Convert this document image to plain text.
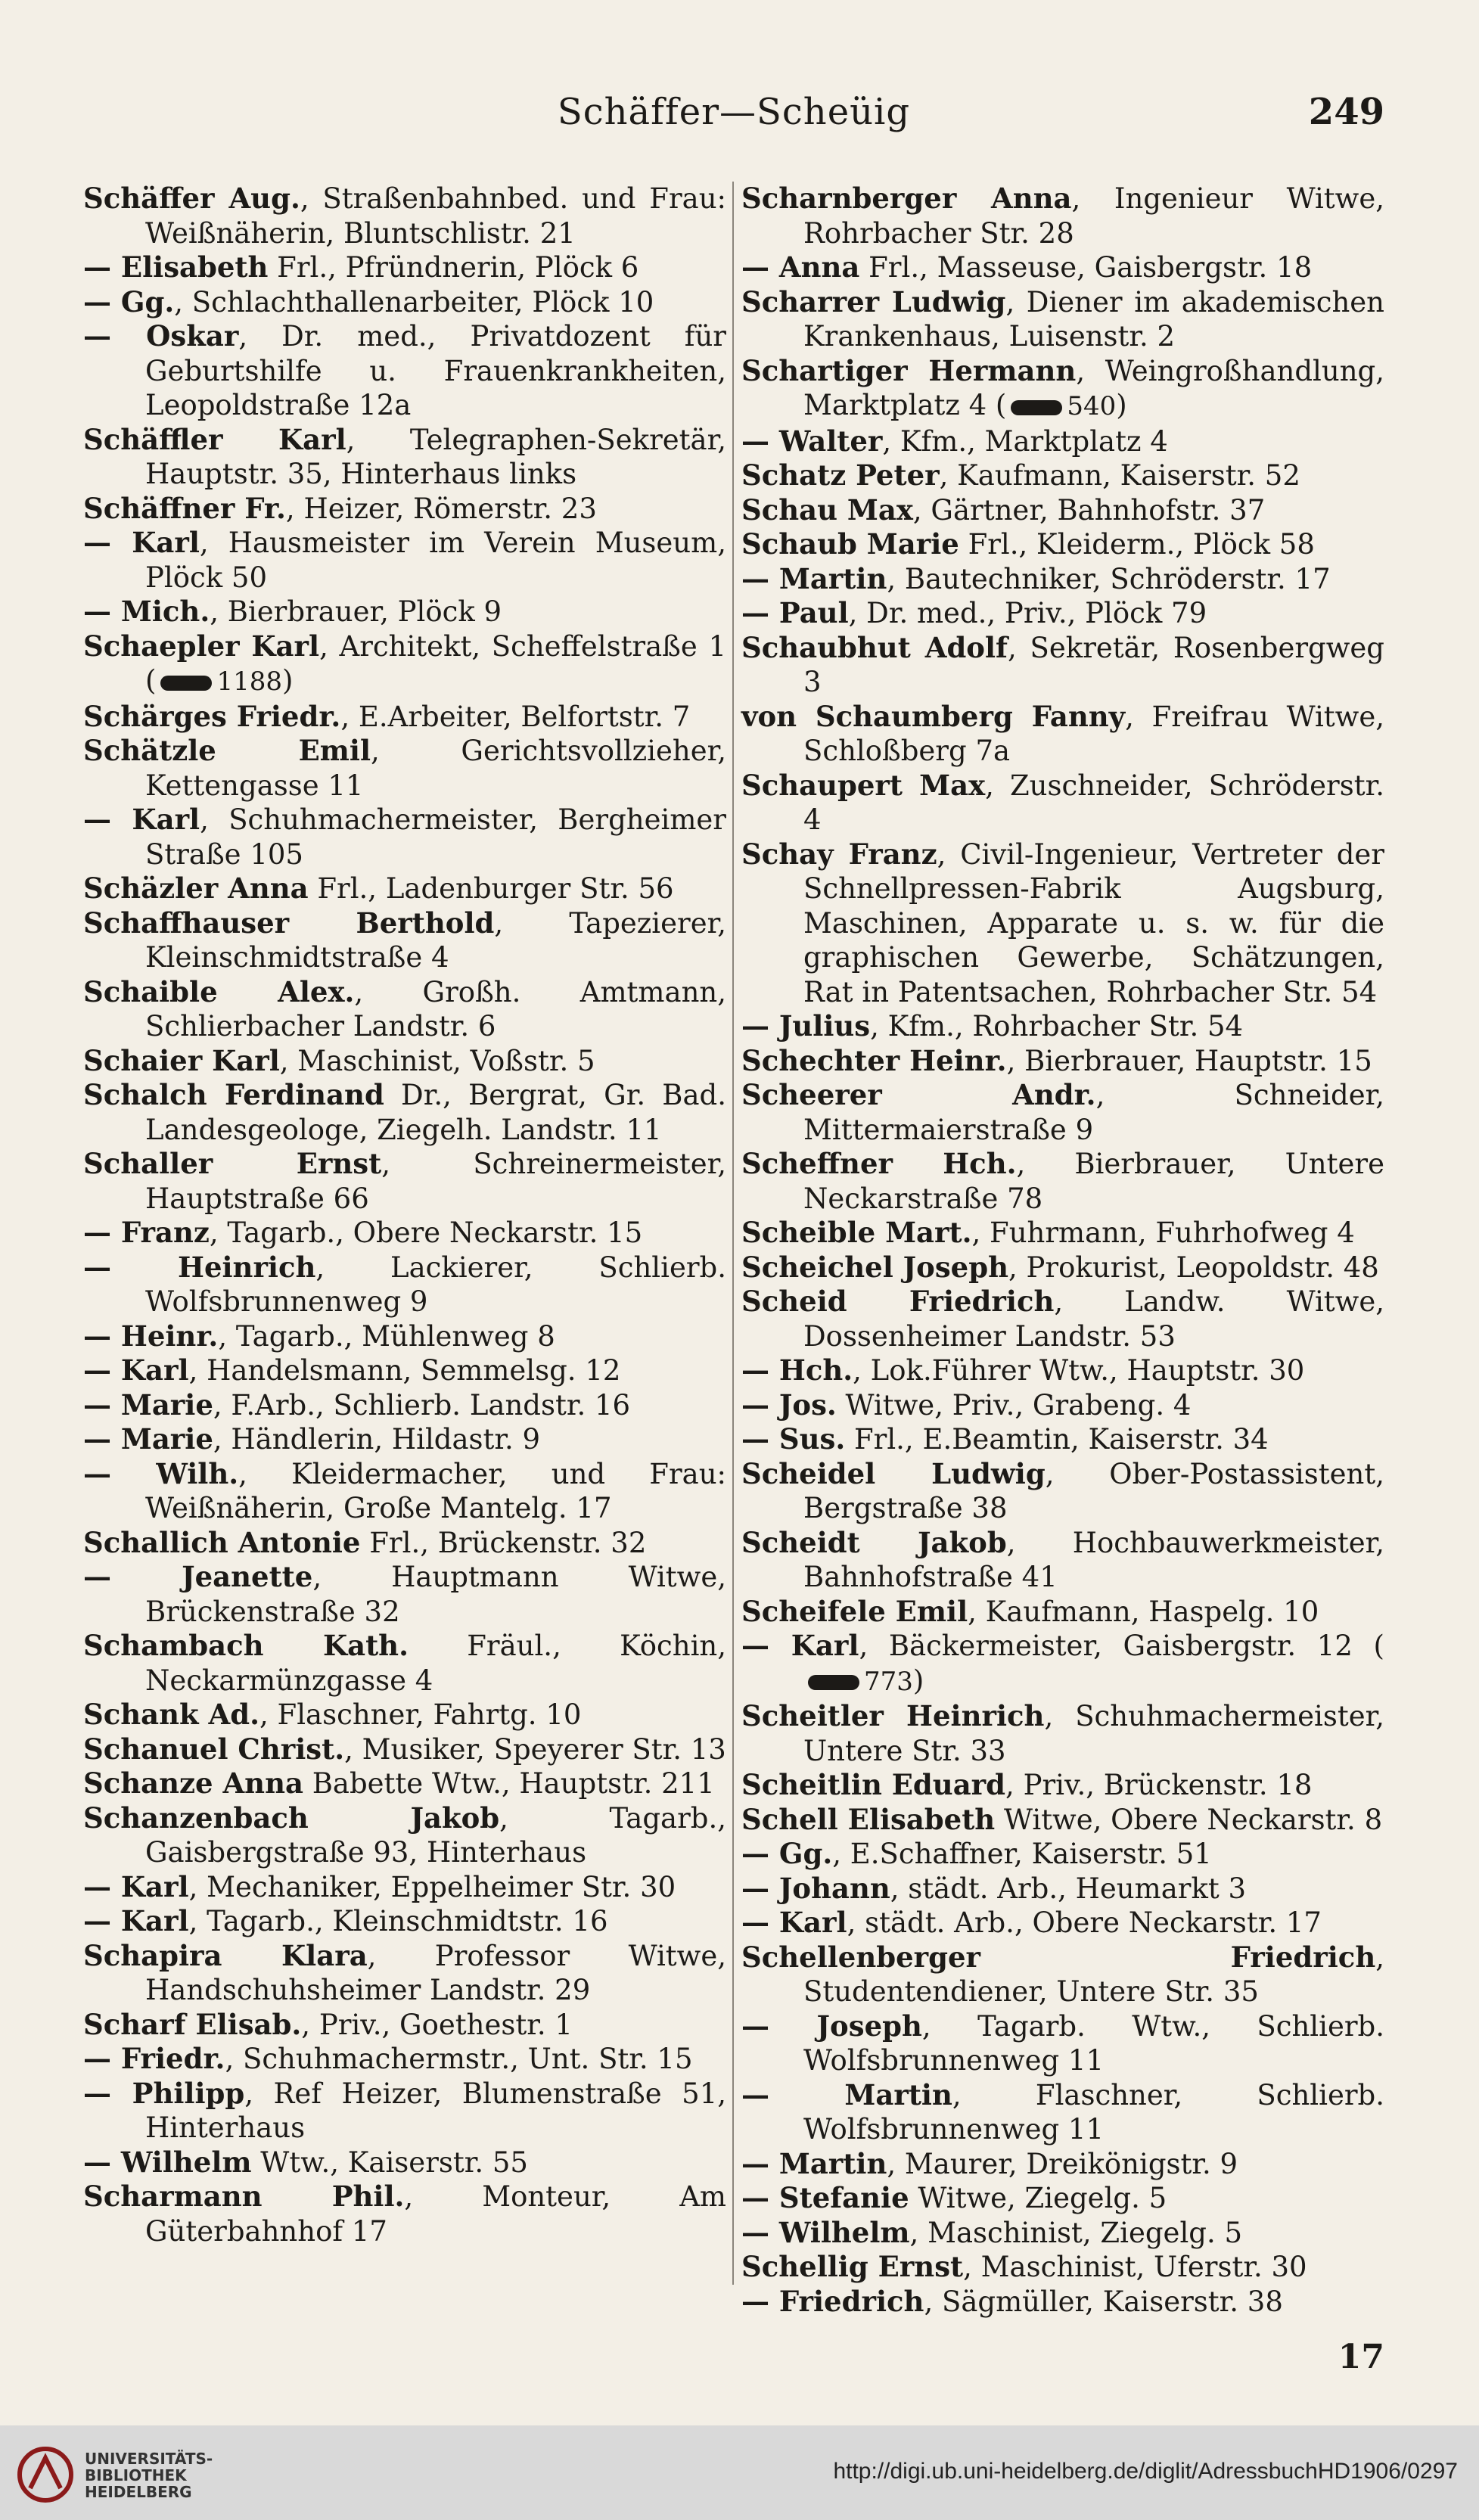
Schäffer—Scheüig	249
Schäffer Aug., Straßenbahnbed. und Frau: Weißnäherin, Bluntschlistr. 21
— Elisabeth Frl., Pfründnerin, Plöck 6
— Gg., Schlachthallenarbeiter, Plöck 10
— Oskar, Dr. med., Privatdozent für Geburtshilfe u. Frauenkrankheiten, Leopoldstraße 12a
Schäffler Karl, Telegraphen-Sekretär, Hauptstr. 35, Hinterhaus links
Schäffner Fr., Heizer, Römerstr. 23
— Karl, Hausmeister im Verein Museum, Plöck 50
— Mich., Bierbrauer, Plöck 9
Schaepler Karl, Architekt, Scheffelstraße 1 ( 1188)
Schärges Friedr., E.Arbeiter, Belfortstr. 7
Schätzle Emil, Gerichtsvollzieher, Kettengasse 11
— Karl, Schuhmachermeister, Bergheimer Straße 105
Schäzler Anna Frl., Ladenburger Str. 56
Schaffhauser Berthold, Tapezierer, Kleinschmidtstraße 4
Schaible Alex., Großh. Amtmann, Schlierbacher Landstr. 6
Schaier Karl, Maschinist, Voßstr. 5
Schalch Ferdinand Dr., Bergrat, Gr. Bad. Landesgeologe, Ziegelh. Landstr. 11
Schaller Ernst, Schreinermeister, Hauptstraße 66
— Franz, Tagarb., Obere Neckarstr. 15
— Heinrich, Lackierer, Schlierb. Wolfsbrunnenweg 9
— Heinr., Tagarb., Mühlenweg 8
— Karl, Handelsmann, Semmelsg. 12
— Marie, F.Arb., Schlierb. Landstr. 16
— Marie, Händlerin, Hildastr. 9
— Wilh., Kleidermacher, und Frau: Weißnäherin, Große Mantelg. 17
Schallich Antonie Frl., Brückenstr. 32
— Jeanette, Hauptmann Witwe, Brückenstraße 32
Schambach Kath. Fräul., Köchin, Neckarmünzgasse 4
Schank Ad., Flaschner, Fahrtg. 10
Schanuel Christ., Musiker, Speyerer Str. 13
Schanze Anna Babette Wtw., Hauptstr. 211
Schanzenbach Jakob, Tagarb., Gaisbergstraße 93, Hinterhaus
— Karl, Mechaniker, Eppelheimer Str. 30
— Karl, Tagarb., Kleinschmidtstr. 16
Schapira Klara, Professor Witwe, Handschuhsheimer Landstr. 29
Scharf Elisab., Priv., Goethestr. 1
— Friedr., Schuhmachermstr., Unt. Str. 15
— Philipp, Ref Heizer, Blumenstraße 51, Hinterhaus
— Wilhelm Wtw., Kaiserstr. 55
Scharmann Phil., Monteur, Am Güterbahnhof 17
Scharnberger Anna, Ingenieur Witwe, Rohrbacher Str. 28
— Anna Frl., Masseuse, Gaisbergstr. 18
Scharrer Ludwig, Diener im akademischen Krankenhaus, Luisenstr. 2
Schartiger Hermann, Weingroßhandlung, Marktplatz 4 ( 540)
— Walter, Kfm., Marktplatz 4
Schatz Peter, Kaufmann, Kaiserstr. 52
Schau Max, Gärtner, Bahnhofstr. 37
Schaub Marie Frl., Kleiderm., Plöck 58
— Martin, Bautechniker, Schröderstr. 17
— Paul, Dr. med., Priv., Plöck 79
Schaubhut Adolf, Sekretär, Rosenbergweg 3
von Schaumberg Fanny, Freifrau Witwe, Schloßberg 7a
Schaupert Max, Zuschneider, Schröderstr. 4
Schay Franz, Civil-Ingenieur, Vertreter der Schnellpressen-Fabrik Augsburg, Maschinen, Apparate u. s. w. für die graphischen Gewerbe, Schätzungen, Rat in Patentsachen, Rohrbacher Str. 54
— Julius, Kfm., Rohrbacher Str. 54
Schechter Heinr., Bierbrauer, Hauptstr. 15
Scheerer Andr., Schneider, Mittermaierstraße 9
Scheffner Hch., Bierbrauer, Untere Neckarstraße 78
Scheible Mart., Fuhrmann, Fuhrhofweg 4
Scheichel Joseph, Prokurist, Leopoldstr. 48
Scheid Friedrich, Landw. Witwe, Dossenheimer Landstr. 53
— Hch., Lok.Führer Wtw., Hauptstr. 30
— Jos. Witwe, Priv., Grabeng. 4
— Sus. Frl., E.Beamtin, Kaiserstr. 34
Scheidel Ludwig, Ober-Postassistent, Bergstraße 38
Scheidt Jakob, Hochbauwerkmeister, Bahnhofstraße 41
Scheifele Emil, Kaufmann, Haspelg. 10
— Karl, Bäckermeister, Gaisbergstr. 12 (773)
Scheitler Heinrich, Schuhmachermeister, Untere Str. 33
Scheitlin Eduard, Priv., Brückenstr. 18
Schell Elisabeth Witwe, Obere Neckarstr. 8
— Gg., E.Schaffner, Kaiserstr. 51
— Johann, städt. Arb., Heumarkt 3
— Karl, städt. Arb., Obere Neckarstr. 17
Schellenberger Friedrich, Studentendiener, Untere Str. 35
— Joseph, Tagarb. Wtw., Schlierb. Wolfsbrunnenweg 11
— Martin, Flaschner, Schlierb. Wolfsbrunnenweg 11
— Martin, Maurer, Dreikönigstr. 9
— Stefanie Witwe, Ziegelg. 5
— Wilhelm, Maschinist, Ziegelg. 5
Schellig Ernst, Maschinist, Uferstr. 30
— Friedrich, Sägmüller, Kaiserstr. 38
17
UNIVERSITÄTS-
BIBLIOTHEK
HEIDELBERG
http://digi.ub.uni-heidelberg.de/diglit/AdressbuchHD1906/0297
